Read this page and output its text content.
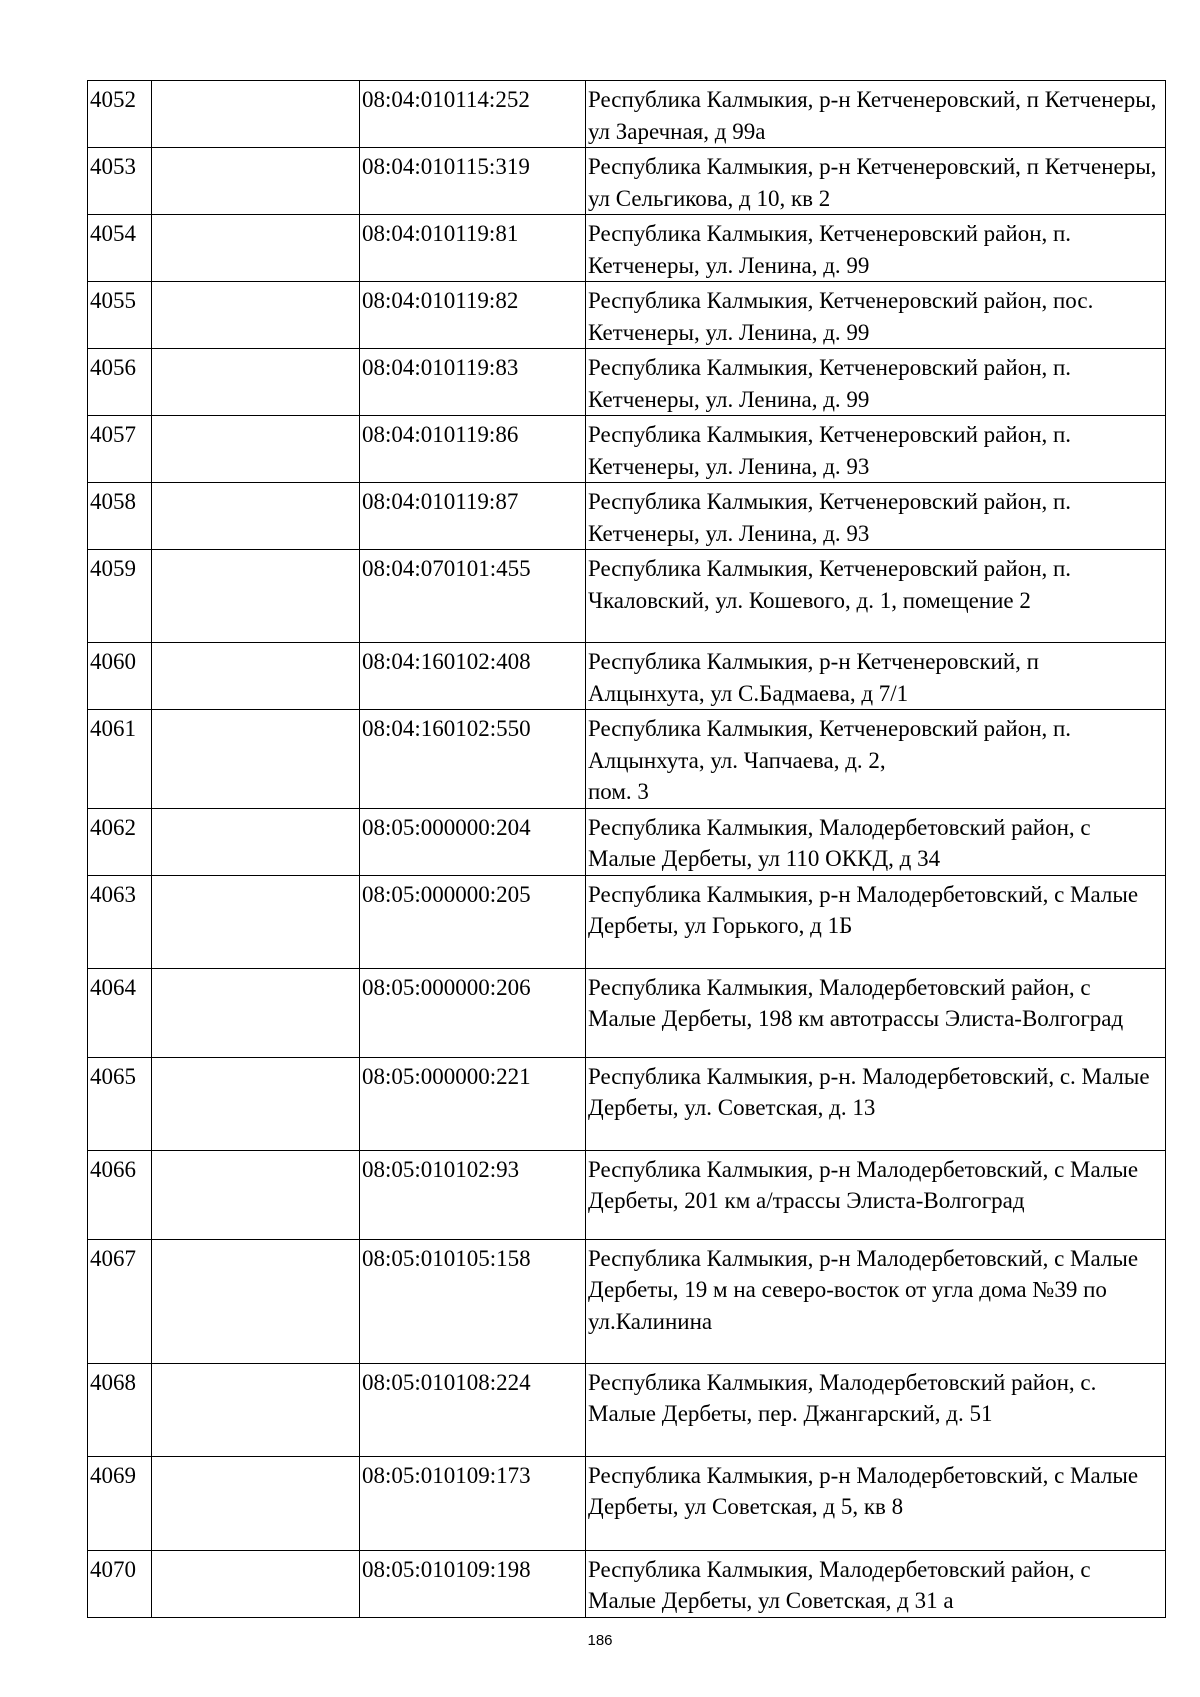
4052		08:04:010114:252	Республика Калмыкия, р-н Кетченеровский, п Кетченеры, ул Заречная, д 99а
4053		08:04:010115:319	Республика Калмыкия, р-н Кетченеровский, п Кетченеры, ул Сельгикова, д 10, кв 2
4054		08:04:010119:81	Республика Калмыкия, Кетченеровский район, п. Кетченеры, ул. Ленина, д. 99
4055		08:04:010119:82	Республика Калмыкия, Кетченеровский район, пос. Кетченеры, ул. Ленина, д. 99
4056		08:04:010119:83	Республика Калмыкия, Кетченеровский район, п. Кетченеры, ул. Ленина, д. 99
4057		08:04:010119:86	Республика Калмыкия, Кетченеровский район, п. Кетченеры, ул. Ленина, д. 93
4058		08:04:010119:87	Республика Калмыкия, Кетченеровский район, п. Кетченеры, ул. Ленина, д. 93
4059		08:04:070101:455	Республика Калмыкия, Кетченеровский район, п. Чкаловский, ул. Кошевого, д. 1, помещение 2
4060		08:04:160102:408	Республика Калмыкия, р-н Кетченеровский, п Алцынхута, ул С.Бадмаева, д 7/1
4061		08:04:160102:550	Республика Калмыкия, Кетченеровский район, п. Алцынхута, ул. Чапчаева, д. 2,
пом. 3
4062		08:05:000000:204	Республика Калмыкия, Малодербетовский район, с Малые Дербеты, ул 110 ОККД, д 34
4063		08:05:000000:205	Республика Калмыкия, р-н Малодербетовский, с Малые Дербеты, ул Горького, д 1Б
4064		08:05:000000:206	Республика Калмыкия, Малодербетовский район, с Малые Дербеты, 198 км автотрассы Элиста-Волгоград
4065		08:05:000000:221	Республика Калмыкия, р-н. Малодербетовский, с. Малые Дербеты, ул. Советская, д. 13
4066		08:05:010102:93	Республика Калмыкия, р-н Малодербетовский, с Малые Дербеты, 201 км а/трассы Элиста-Волгоград
4067		08:05:010105:158	Республика Калмыкия, р-н Малодербетовский, с Малые Дербеты, 19 м на северо-восток от угла дома №39 по ул.Калинина
4068		08:05:010108:224	Республика Калмыкия, Малодербетовский район, с. Малые Дербеты, пер. Джангарский, д. 51
4069		08:05:010109:173	Республика Калмыкия, р-н Малодербетовский, с Малые Дербеты, ул Советская, д 5, кв 8
4070		08:05:010109:198	Республика Калмыкия, Малодербетовский район, с Малые Дербеты, ул Советская, д 31 а
186
